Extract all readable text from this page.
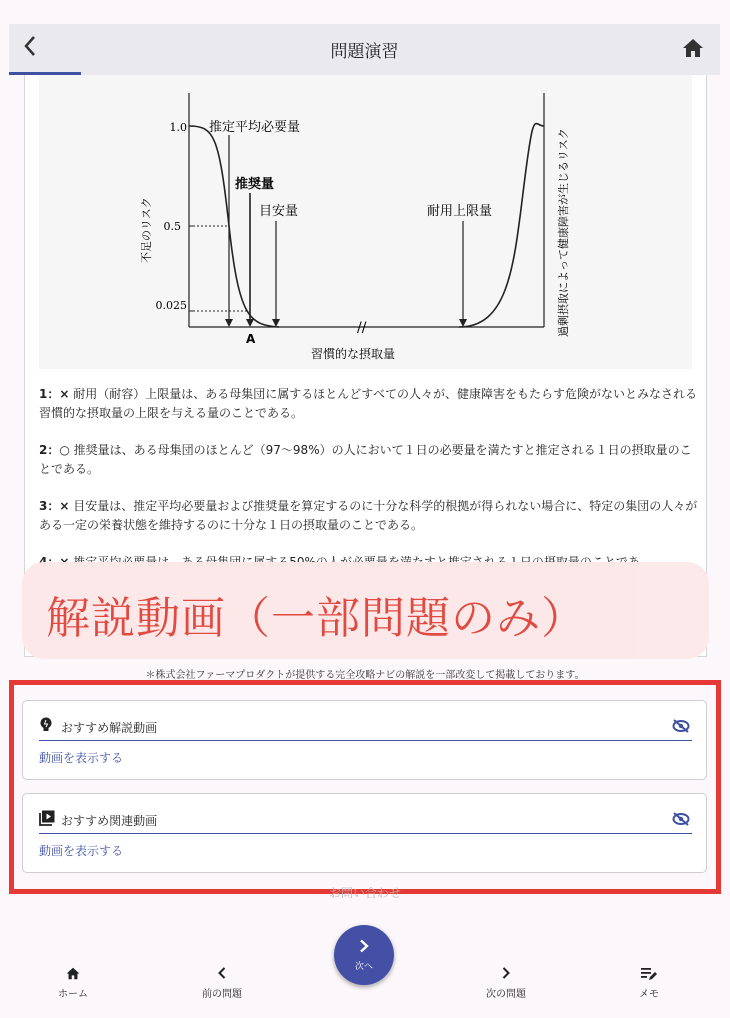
問題演習
//
1.0
0.5
0.025
推定平均必要量
推奨量
目安量	耐用上限量
A
習慣的な摂取量
不足のリスク	過剰摂取によって健康障害が生じるリスク
1：× 耐用（耐容）上限量は、ある母集団に属するほとんどすべての人々が、健康障害をもたらす危険がないとみなされる習慣的な摂取量の上限を与える量のことである。
2：○ 推奨量は、ある母集団のほとんど（97〜98%）の人において１日の必要量を満たすと推定される１日の摂取量のことである。
3：× 目安量は、推定平均必要量および推奨量を算定するのに十分な科学的根拠が得られない場合に、特定の集団の人々がある一定の栄養状態を維持するのに十分な１日の摂取量のことである。
解説動画（一部問題のみ）
＊株式会社ファーマプロダクトが提供する完全攻略ナビの解説を一部改変して掲載しております。
おすすめ解説動画
動画を表示する
おすすめ関連動画
動画を表示する
お問い合わせ
ホーム	前の問題	次の問題	メモ
次へ
